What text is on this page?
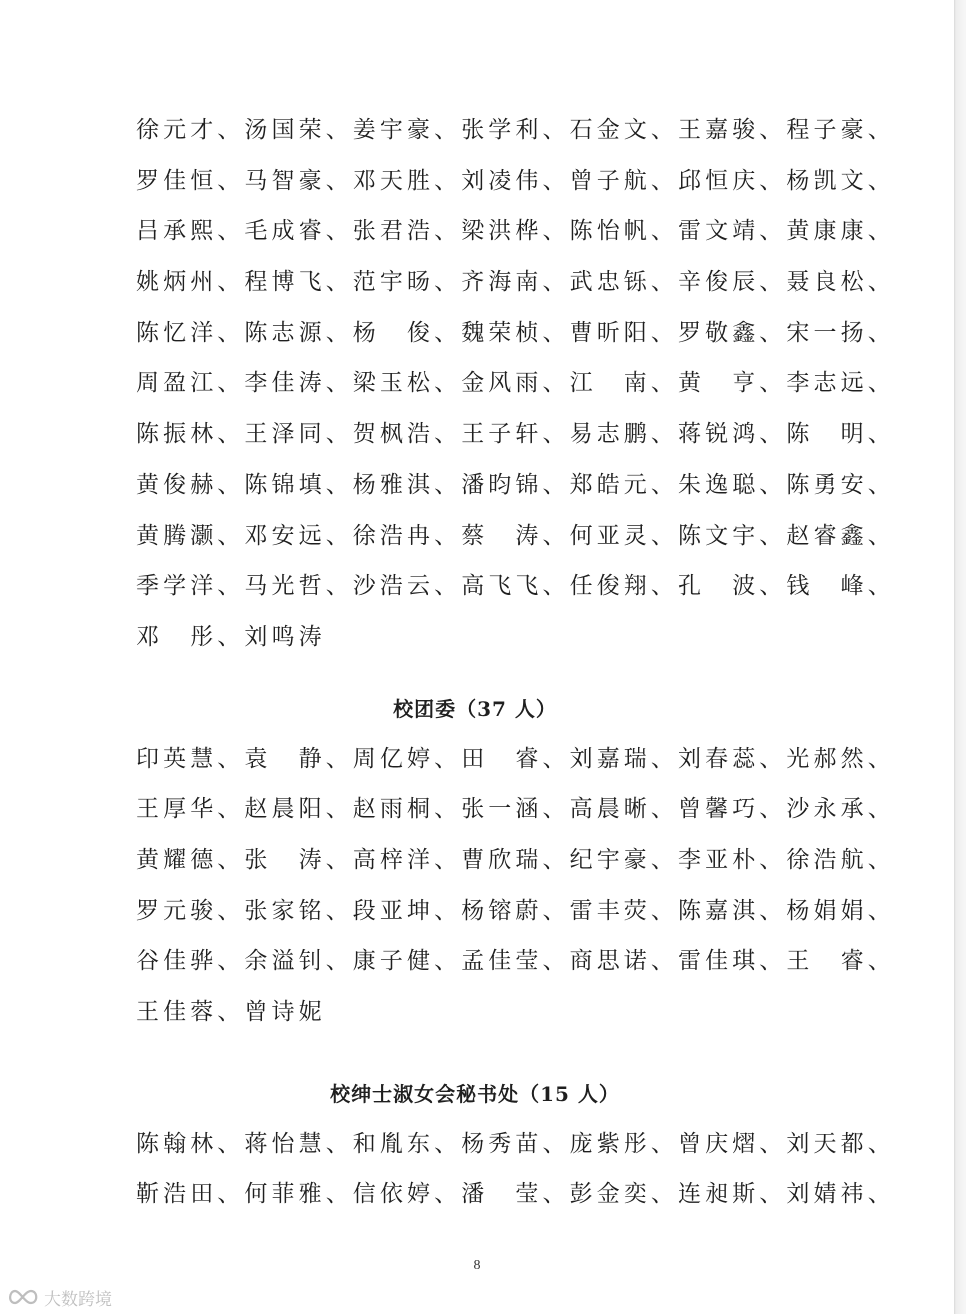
徐元才、汤国荣、姜宇豪、张学利、石金文、王嘉骏、程子豪、

罗佳恒、马智豪、邓天胜、刘凌伟、曾子航、邱恒庆、杨凯文、

吕承熙、毛成睿、张君浩、梁洪桦、陈怡帆、雷文靖、黄康康、

姚炳州、程博飞、范宇旸、齐海南、武忠铄、辛俊辰、聂良松、

陈忆洋、陈志源、杨　俊、魏荣桢、曹昕阳、罗敬鑫、宋一扬、

周盈江、李佳涛、梁玉松、金风雨、江　南、黄　亨、李志远、

陈振林、王泽同、贺枫浩、王子轩、易志鹏、蒋锐鸿、陈　明、

黄俊赫、陈锦填、杨雅淇、潘昀锦、郑皓元、朱逸聪、陈勇安、

黄腾灏、邓安远、徐浩冉、蔡　涛、何亚灵、陈文宇、赵睿鑫、

季学洋、马光哲、沙浩云、高飞飞、任俊翔、孔　波、钱　峰、

邓　彤、刘鸣涛

校团委（37 人）

印英慧、袁　静、周亿婷、田　睿、刘嘉瑞、刘春蕊、光郝然、

王厚华、赵晨阳、赵雨桐、张一涵、高晨晰、曾馨巧、沙永承、

黄耀德、张　涛、高梓洋、曹欣瑞、纪宇豪、李亚朴、徐浩航、

罗元骏、张家铭、段亚坤、杨镕蔚、雷丰荧、陈嘉淇、杨娟娟、

谷佳骅、余溢钊、康子健、孟佳莹、商思诺、雷佳琪、王　睿、

王佳蓉、曾诗妮

校绅士淑女会秘书处（15 人）

陈翰林、蒋怡慧、和胤东、杨秀苗、庞紫彤、曾庆熠、刘天都、

靳浩田、何菲雅、信依婷、潘　莹、彭金奕、连昶斯、刘婧祎、

8
大数跨境
